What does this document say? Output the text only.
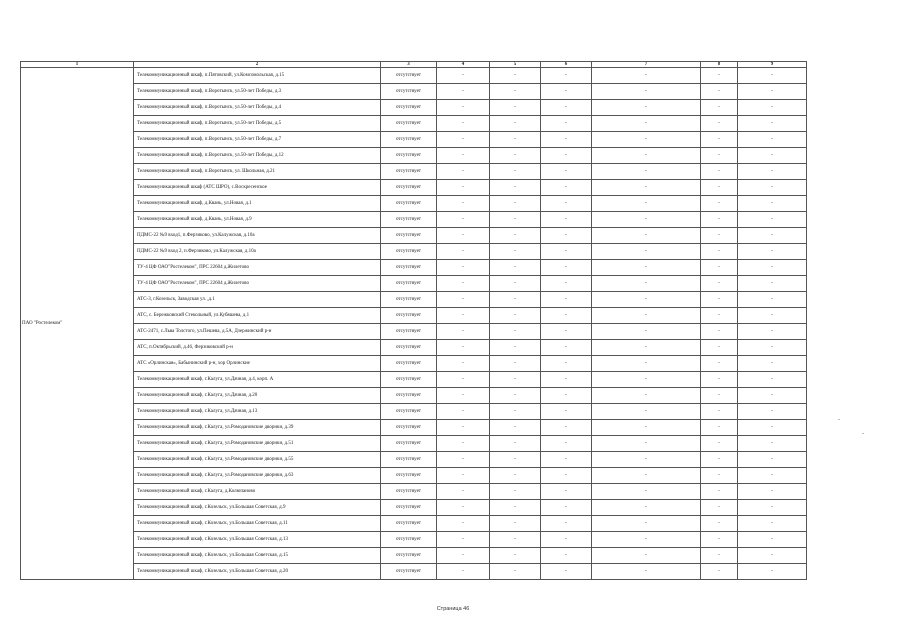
1	2	3	4	5	6	7	8	9
ПАО "Ростелеком"	Телекоммуникационный шкаф, п.Пятовский, ул.Комсомольская, д.15	отсутствует	-	-	-	-	-	-
	Телекоммуникационный шкаф, п.Воротынск, ул.50-лет Победы, д.3	отсутствует	-	-	-	-	-	-
	Телекоммуникационный шкаф, п.Воротынск, ул.50-лет Победы, д.4	отсутствует	-	-	-	-	-	-
	Телекоммуникационный шкаф, п.Воротынск, ул.50-лет Победы, д.5	отсутствует	-	-	-	-	-	-
	Телекоммуникационный шкаф, п.Воротынск, ул.50-лет Победы, д.7	отсутствует	-	-	-	-	-	-
	Телекоммуникационный шкаф, п.Воротынск, ул.50-лет Победы, д.12	отсутствует	-	-	-	-	-	-
	Телекоммуникационный шкаф, п.Воротынск, ул. Школьная, д.21	отсутствует	-	-	-	-	-	-
	Телекоммуникационный шкаф (АТС ШРО), с.Воскресенское	отсутствует	-	-	-	-	-	-
	Телекоммуникационный шкаф, д.Квань, ул.Новая, д.1	отсутствует	-	-	-	-	-	-
	Телекоммуникационный шкаф, д.Квань, ул.Новая, д.9	отсутствует	-	-	-	-	-	-
	ПДМС-22 №9 вход1, п.Ферзиково, ул.Калужская, д.10а	отсутствует	-	-	-	-	-	-
	ПДМС-22 №9 вход 2, п.Ферзиково, ул.Калужская, д.10а	отсутствует	-	-	-	-	-	-
	ТУ-4 ЦФ ОАО"Ростелеком", ПРС 22604 д.Жилетово	отсутствует	-	-	-	-	-	-
	ТУ-4 ЦФ ОАО"Ростелеком", ПРС 22604 д.Жилетово	отсутствует	-	-	-	-	-	-
	АТС-3, г.Козельск, Заводская ул. ,д.1	отсутствует	-	-	-	-	-	-
	АТС, с. Бережковский Стекольный, ул.Кубяшева, д.1	отсутствует	-	-	-	-	-	-
	АТС-2471, с.Льва Толстого, ул.Пешева, д.5А, Дзержинский р-н	отсутствует	-	-	-	-	-	-
	АТС, п.Октябрьский, д.46, Ферзиковский р-н	отсутствует	-	-	-	-	-	-
	АТС «Орлинская», Бабынинский р-н, хор Орлинские	отсутствует	-	-	-	-	-	-
	Телекоммуникационный шкаф, г.Калуга, ул.Дачная, д.4, корп. А	отсутствует	-	-	-	-	-	-
	Телекоммуникационный шкаф, г.Калуга, ул.Дачная, д.20	отсутствует	-	-	-	-	-	-
	Телекоммуникационный шкаф, г.Калуга, ул.Дачная, д.13	отсутствует	-	-	-	-	-	-
	Телекоммуникационный шкаф, г.Калуга, ул.Ромодановские дворики, д.39	отсутствует	-	-	-	-	-	-
	Телекоммуникационный шкаф, г.Калуга, ул.Ромодановские дворики, д.51	отсутствует	-	-	-	-	-	-
	Телекоммуникационный шкаф, г.Калуга, ул.Ромодановские дворики, д.55	отсутствует	-	-	-	-	-	-
	Телекоммуникационный шкаф, г.Калуга, ул.Ромодановские дворики, д.63	отсутствует	-	-	-	-	-	-
	Телекоммуникационный шкаф, г.Калуга, д.Колюпаново	отсутствует	-	-	-	-	-	-
	Телекоммуникационный шкаф, г.Козельск, ул.Большая Советская, д.9	отсутствует	-	-	-	-	-	-
	Телекоммуникационный шкаф, г.Козельск, ул.Большая Советская, д.11	отсутствует	-	-	-	-	-	-
	Телекоммуникационный шкаф, г.Козельск, ул.Большая Советская, д.13	отсутствует	-	-	-	-	-	-
	Телекоммуникационный шкаф, г.Козельск, ул.Большая Советская, д.15	отсутствует	-	-	-	-	-	-
	Телекоммуникационный шкаф, г.Козельск, ул.Большая Советская, д.20	отсутствует	-	-	-	-	-	-
Страница 46
